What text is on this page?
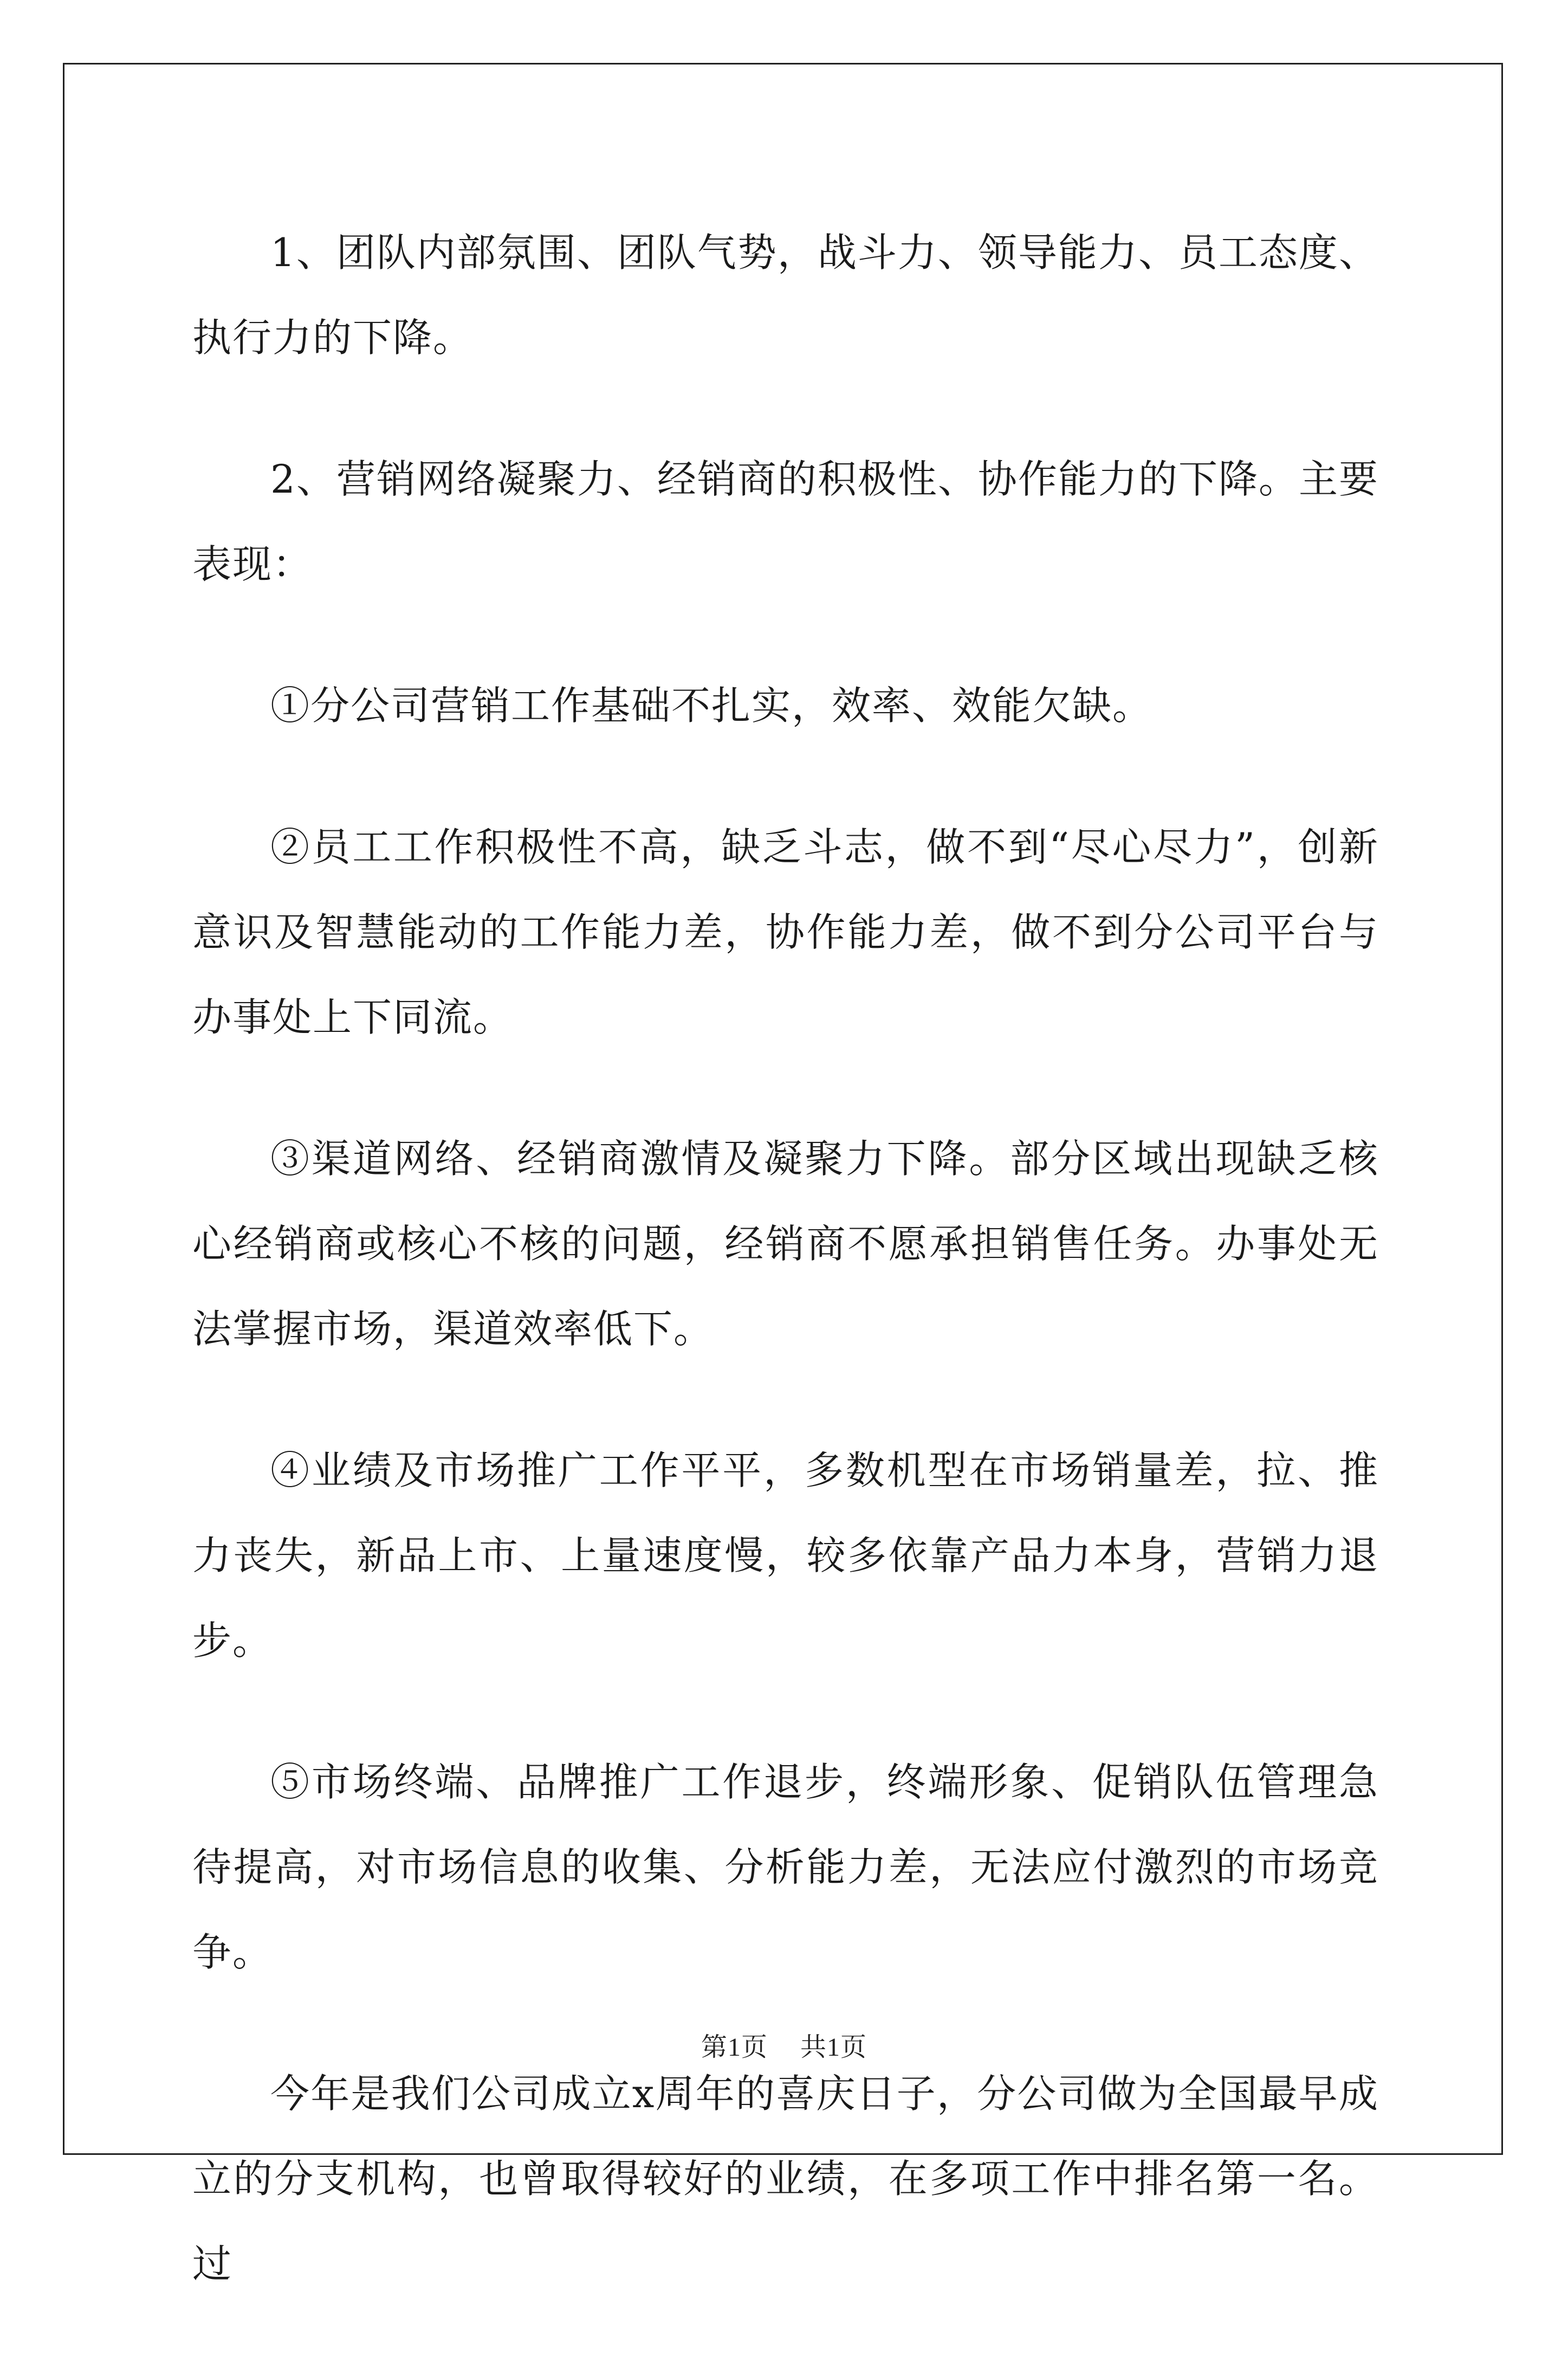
1、团队内部氛围、团队气势，战斗力、领导能力、员工态度、执行力的下降。

2、营销网络凝聚力、经销商的积极性、协作能力的下降。主要表现：

①分公司营销工作基础不扎实，效率、效能欠缺。

②员工工作积极性不高，缺乏斗志，做不到“尽心尽力”，创新意识及智慧能动的工作能力差，协作能力差，做不到分公司平台与办事处上下同流。

③渠道网络、经销商激情及凝聚力下降。部分区域出现缺乏核心经销商或核心不核的问题，经销商不愿承担销售任务。办事处无法掌握市场，渠道效率低下。

④业绩及市场推广工作平平，多数机型在市场销量差，拉、推力丧失，新品上市、上量速度慢，较多依靠产品力本身，营销力退步。

⑤市场终端、品牌推广工作退步，终端形象、促销队伍管理急待提高，对市场信息的收集、分析能力差，无法应付激烈的市场竞争。

今年是我们公司成立x周年的喜庆日子，分公司做为全国最早成立的分支机构，也曾取得较好的业绩，在多项工作中排名第一名。过

第1页 共1页
